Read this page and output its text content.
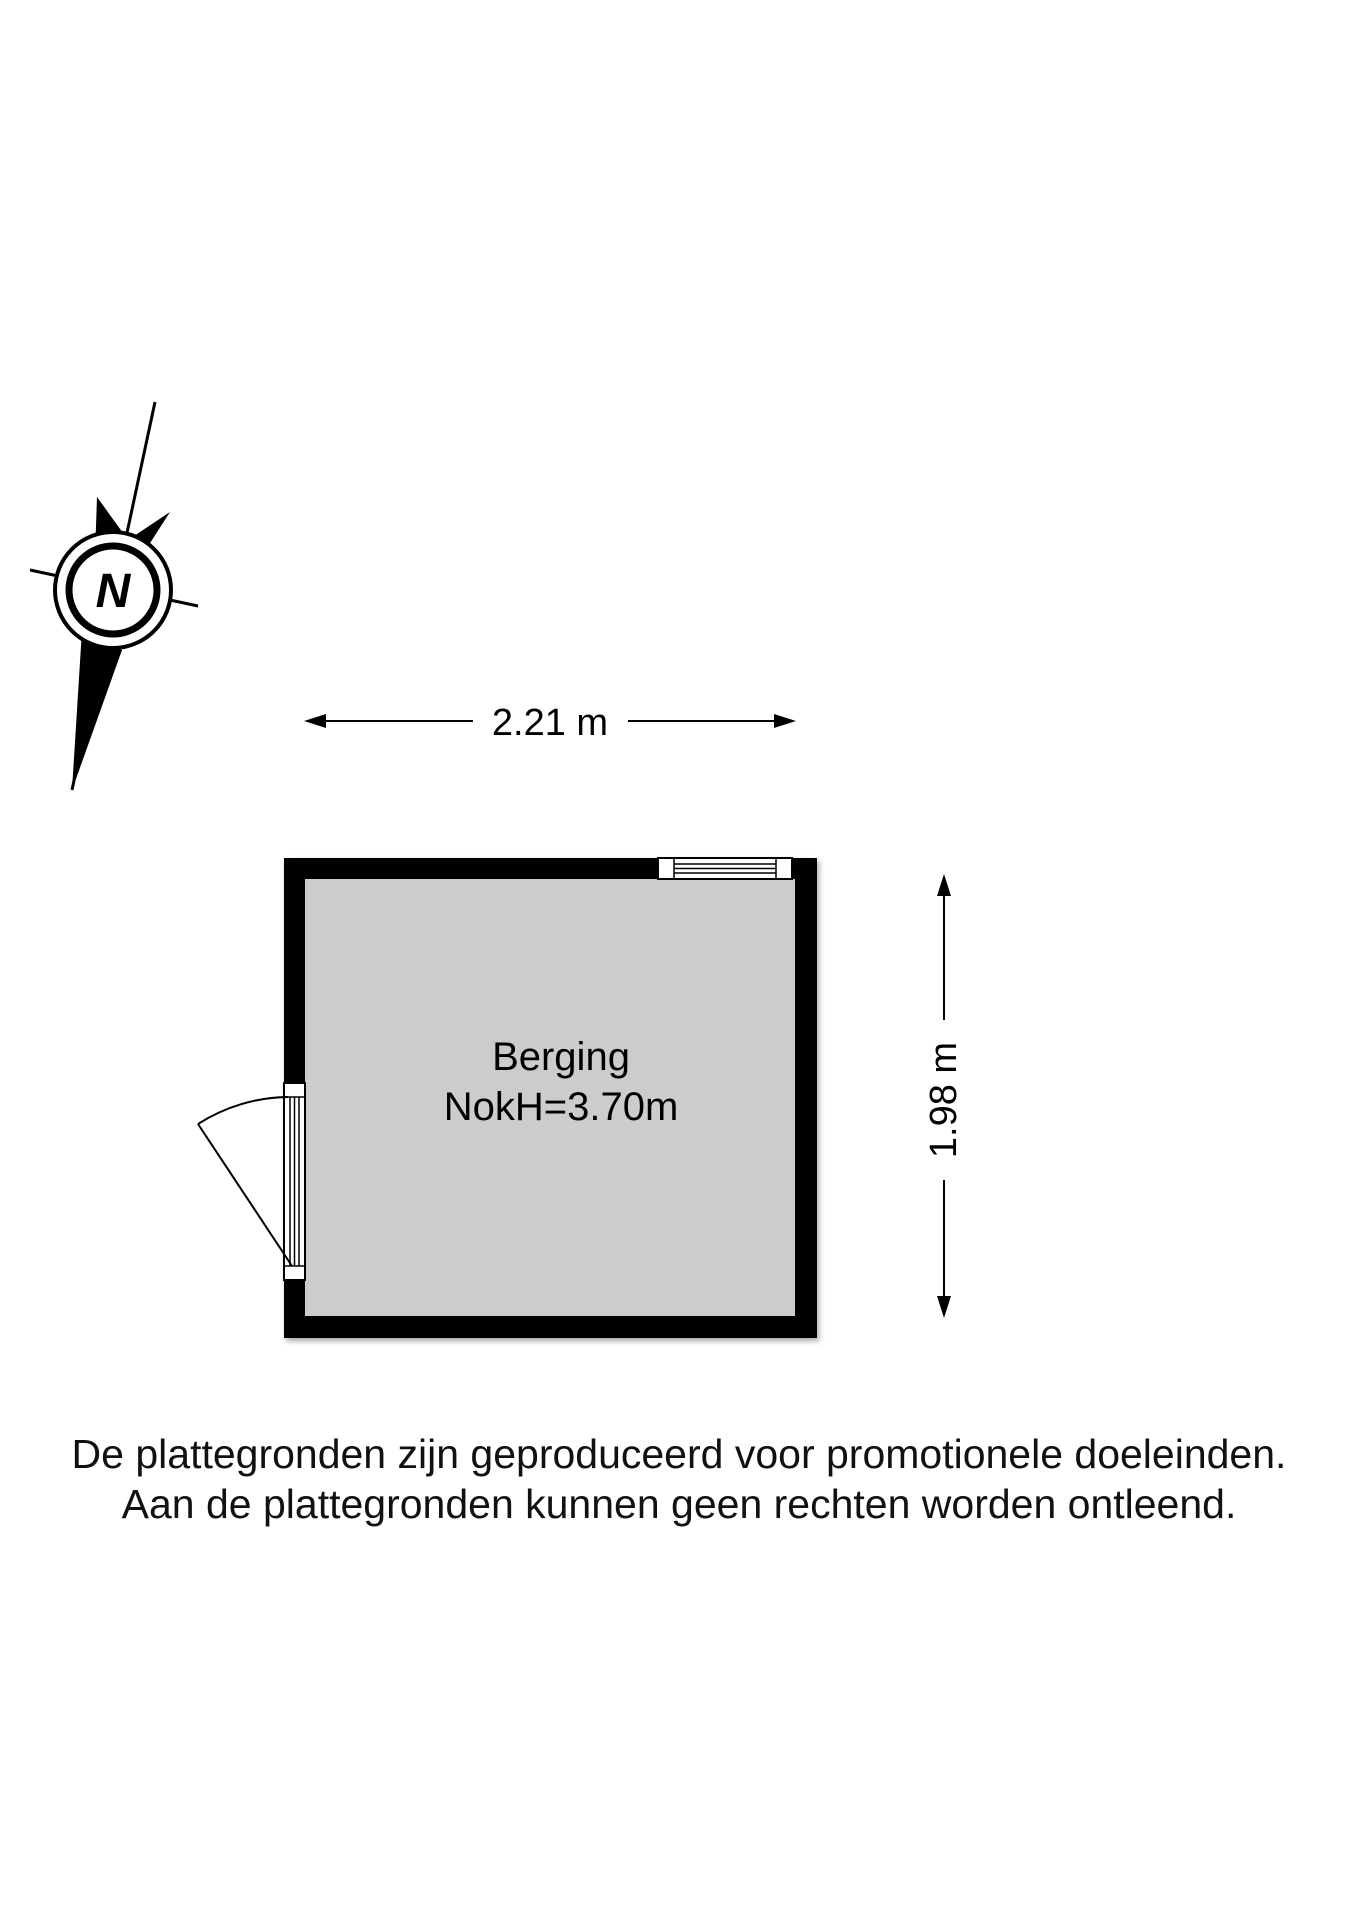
N
2.21 m
1.98 m
Berging
NokH=3.70m
De plattegronden zijn geproduceerd voor promotionele doeleinden.
Aan de plattegronden kunnen geen rechten worden ontleend.
